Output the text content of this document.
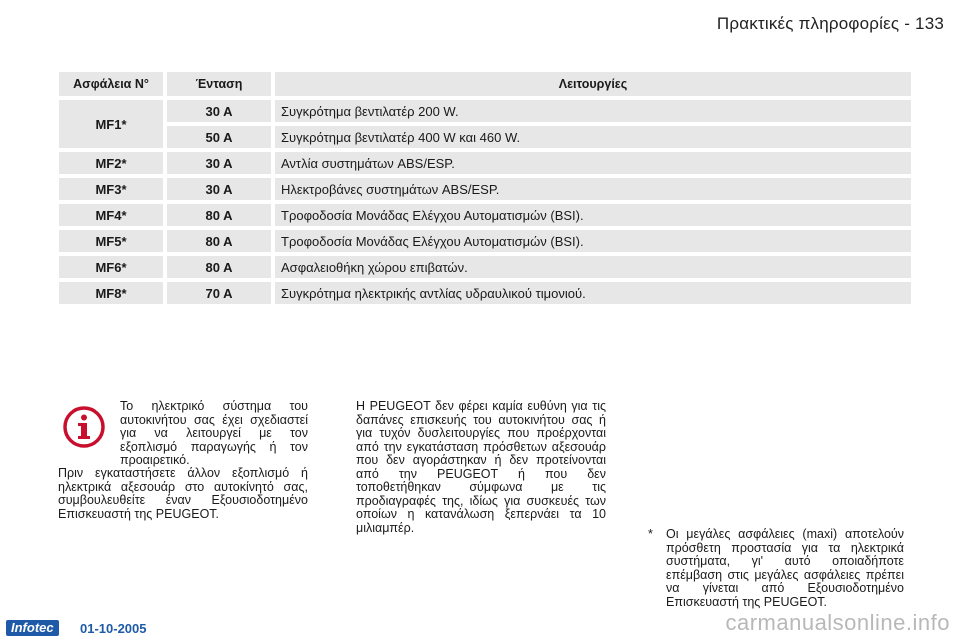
Πρακτικές πληροφορίες - 133
Ασφάλεια N°	Ένταση	Λειτουργίες
MF1*	30 A	Συγκρότημα βεντιλατέρ 200 W.
	50 A	Συγκρότημα βεντιλατέρ 400 W και 460 W.
MF2*	30 A	Αντλία συστημάτων ABS/ESP.
MF3*	30 A	Ηλεκτροβάνες συστημάτων ABS/ESP.
MF4*	80 A	Τροφοδοσία Μονάδας Ελέγχου Αυτοματισμών (BSI).
MF5*	80 A	Τροφοδοσία Μονάδας Ελέγχου Αυτοματισμών (BSI).
MF6*	80 A	Ασφαλειοθήκη χώρου επιβατών.
MF8*	70 A	Συγκρότημα ηλεκτρικής αντλίας υδραυλικού τιμονιού.
Το ηλεκτρικό σύστημα του αυτοκινήτου σας έχει σχεδιαστεί για να λειτουργεί με τον εξοπλισμό παραγωγής ή τον προαιρετικό.
Πριν εγκαταστήσετε άλλον εξοπλισμό ή ηλεκτρικά αξεσουάρ στο αυτοκίνητό σας, συμβουλευθείτε έναν Εξουσιοδοτημένο Επισκευαστή της PEUGEOT.
Η PEUGEOT δεν φέρει καμία ευθύνη για τις δαπάνες επισκευής του αυτοκινήτου σας ή για τυχόν δυσλειτουργίες που προέρχονται από την εγκατάσταση πρόσθετων αξεσουάρ που δεν αγοράστηκαν ή δεν προτείνονται από την PEUGEOT ή που δεν τοποθετήθηκαν σύμφωνα με τις προδιαγραφές της, ιδίως για συσκευές των οποίων η κατανάλωση ξεπερνάει τα 10 μιλιαμπέρ.	* Οι μεγάλες ασφάλειες (maxi) αποτελούν πρόσθετη προστασία για τα ηλεκτρικά συστήματα, γι' αυτό οποιαδήποτε επέμβαση στις μεγάλες ασφάλειες πρέπει να γίνεται από Εξουσιοδοτημένο Επισκευαστή της PEUGEOT.
Infotec	01-10-2005	carmanualsonline.info
